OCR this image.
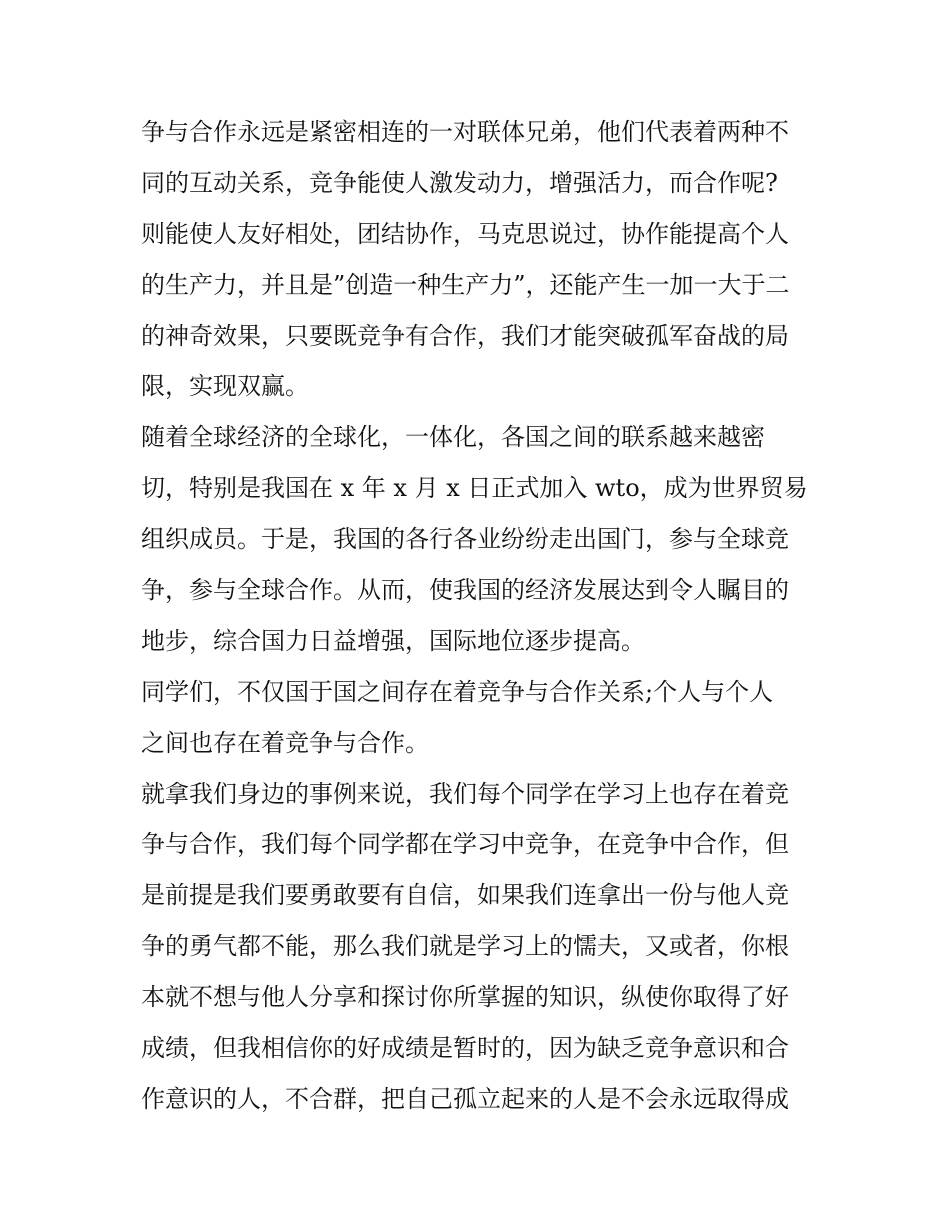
争与合作永远是紧密相连的一对联体兄弟，他们代表着两种不
同的互动关系，竞争能使人激发动力，增强活力，而合作呢?
则能使人友好相处，团结协作，马克思说过，协作能提高个人
的生产力，并且是”创造一种生产力”，还能产生一加一大于二
的神奇效果，只要既竞争有合作，我们才能突破孤军奋战的局
限，实现双赢。
随着全球经济的全球化，一体化，各国之间的联系越来越密
切，特别是我国在 x 年 x 月 x 日正式加入 wto，成为世界贸易
组织成员。于是，我国的各行各业纷纷走出国门，参与全球竞
争，参与全球合作。从而，使我国的经济发展达到令人瞩目的
地步，综合国力日益增强，国际地位逐步提高。
同学们，不仅国于国之间存在着竞争与合作关系;个人与个人
之间也存在着竞争与合作。
就拿我们身边的事例来说，我们每个同学在学习上也存在着竞
争与合作，我们每个同学都在学习中竞争，在竞争中合作，但
是前提是我们要勇敢要有自信，如果我们连拿出一份与他人竞
争的勇气都不能，那么我们就是学习上的懦夫，又或者，你根
本就不想与他人分享和探讨你所掌握的知识，纵使你取得了好
成绩，但我相信你的好成绩是暂时的，因为缺乏竞争意识和合
作意识的人，不合群，把自己孤立起来的人是不会永远取得成
